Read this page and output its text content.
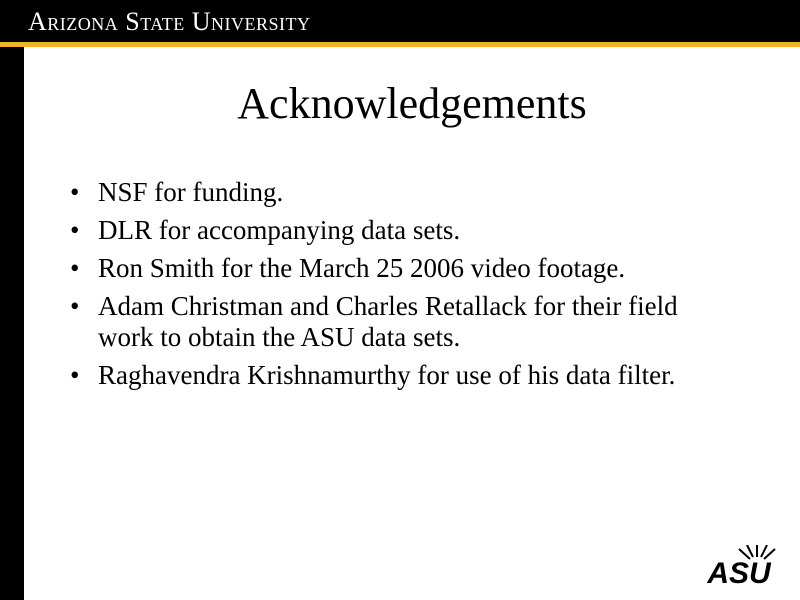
Arizona State University
Acknowledgements
• NSF for funding.
• DLR for accompanying data sets.
• Ron Smith for the March 25 2006 video footage.
• Adam Christman and Charles Retallack for their field work to obtain the ASU data sets.
• Raghavendra Krishnamurthy for use of his data filter.
ASU
